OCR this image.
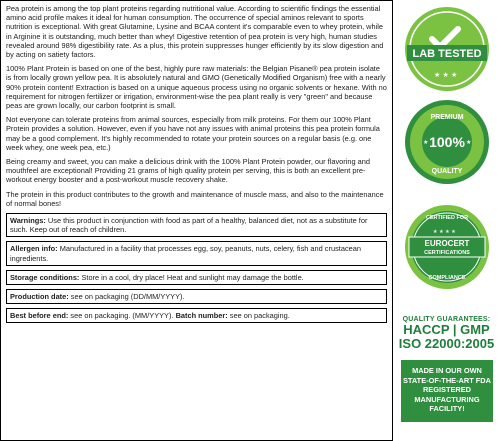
Pea protein is among the top plant proteins regarding nutritional value. According to scientific findings the essential amino acid profile makes it ideal for human consumption. The occurrence of special aminos relevant to sports nutrition is exceptional. With great Glutamine, Lysine and BCAA content it's comparable even to whey protein, while in Arginine it is outstanding, much better than whey! Digestive retention of pea protein is very high, human studies revealed around 98% digestibility rate. As a plus, this protein suppresses hunger efficiently by its slow digestion and by acting on satiety factors.

100% Plant Protein is based on one of the best, highly pure raw materials: the Belgian Pisane® pea protein isolate is from locally grown yellow pea. It is absolutely natural and GMO (Genetically Modified Organism) free with a nearly 90% protein content! Extraction is based on a unique aqueous process using no organic solvents or hexane. With no requirement for nitrogen fertilizer or irrigation, environment-wise the pea plant really is very "green" and because peas are grown locally, our carbon footprint is small.

Not everyone can tolerate proteins from animal sources, especially from milk proteins. For them our 100% Plant Protein provides a solution. However, even if you have not any issues with animal proteins this pea protein formula may be a good complement. It's highly recommended to rotate your protein sources on a regular basis (e.g. one week whey, one week pea, etc.)

Being creamy and sweet, you can make a delicious drink with the 100% Plant Protein powder, our flavoring and mouthfeel are exceptional! Providing 21 grams of high quality protein per serving, this is both an excellent pre-workout energy booster and a post-workout muscle recovery shake.

The protein in this product contributes to the growth and maintenance of muscle mass, and also to the maintenance of normal bones!

Warnings: Use this product in conjunction with food as part of a healthy, balanced diet, not as a substitute for such. Keep out of reach of children.
Allergen info: Manufactured in a facility that processes egg, soy, peanuts, nuts, celery, fish and crustacean ingredients.
Storage conditions: Store in a cool, dry place! Heat and sunlight may damage the bottle.
Production date: see on packaging (DD/MM/YYYY).
Best before end: see on packaging. (MM/YYYY). Batch number: see on packaging.
LAB TESTED
★ ★ ★
PREMIUM
100%
QUALITY
★	★
CERTIFIED FOR
EUROCERT
CERTIFICATIONS
COMPLIANCE
★ ★ ★ ★
QUALITY GUARANTEES:
HACCP | GMP
ISO 22000:2005
MADE IN OUR OWN STATE-OF-THE-ART FDA REGISTERED MANUFACTURING FACILITY!
